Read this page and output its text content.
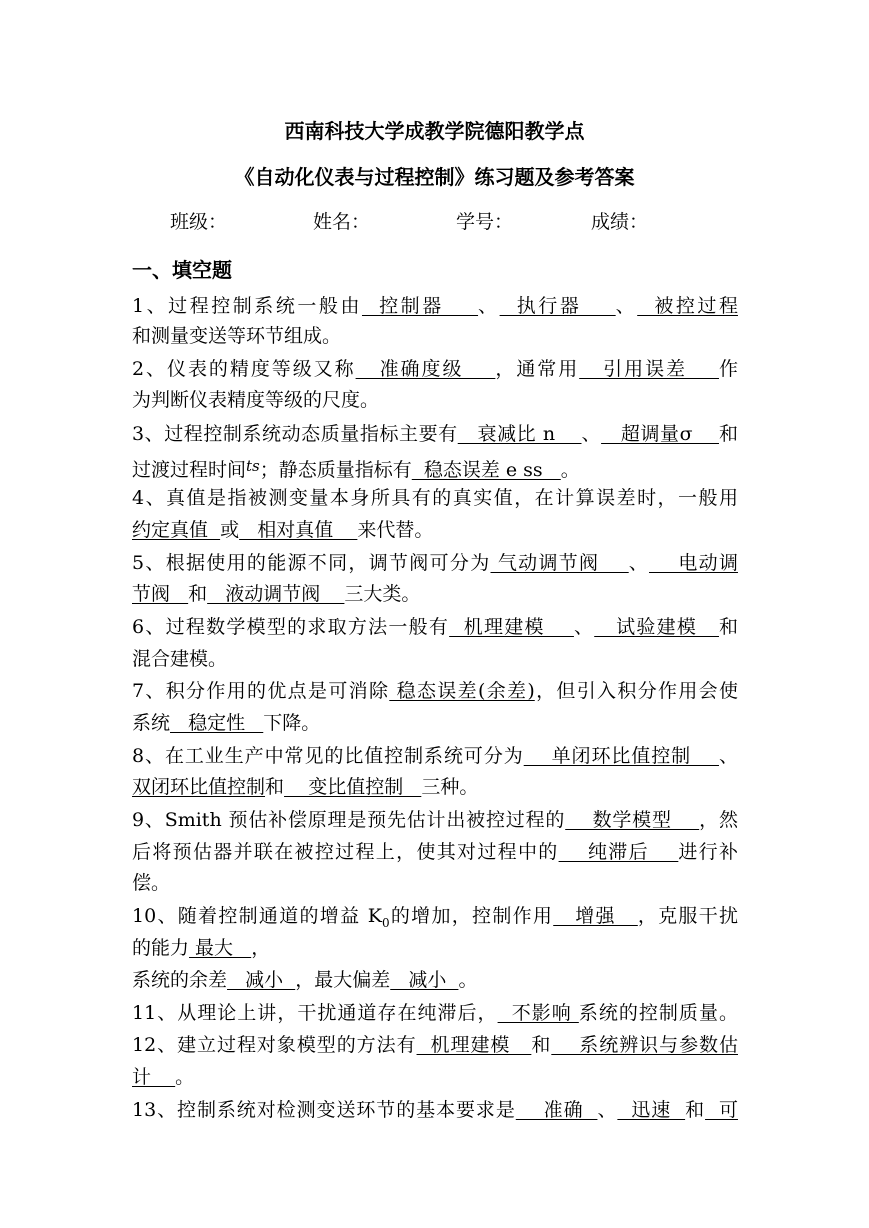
西南科技大学成教学院德阳教学点
《自动化仪表与过程控制》练习题及参考答案
班级：	姓名：	学号：	成绩：
一、填空题
1、过程控制系统一般由  控制器    、  执行器    、  被控过程
和测量变送等环节组成。
2、仪表的精度等级又称   准确度级    ，通常用   引用误差    作
为判断仪表精度等级的尺度。
3、过程控制系统动态质量指标主要有   衰减比 n    、   超调量σ    和
过渡过程时间$^{ts}$；静态质量指标有  稳态误差 e ss   。
4、真值是指被测变量本身所具有的真实值，在计算误差时，一般用
约定真值  或   相对真值    来代替。
5、根据使用的能源不同，调节阀可分为 气动调节阀    、    电动调
节阀   和   液动调节阀    三大类。
6、过程数学模型的求取方法一般有  机理建模    、   试验建模   和
混合建模。
7、积分作用的优点是可消除 稳态误差(余差)，但引入积分作用会使
系统   稳定性   下降。
8、在工业生产中常见的比值控制系统可分为    单闭环比值控制    、
双闭环比值控制和    变比值控制   三种。
9、Smith 预估补偿原理是预先估计出被控过程的    数学模型    ，然
后将预估器并联在被控过程上，使其对过程中的    纯滞后    进行补
偿。
10、随着控制通道的增益 $K_0$的增加，控制作用   增强   ，克服干扰
的能力 最大   ，
系统的余差   减小  ，最大偏差   减小  。
11、从理论上讲，干扰通道存在纯滞后，  不影响 系统的控制质量。
12、建立过程对象模型的方法有  机理建模   和    系统辨识与参数估
计    。
13、控制系统对检测变送环节的基本要求是    准确  、  迅速  和  可
